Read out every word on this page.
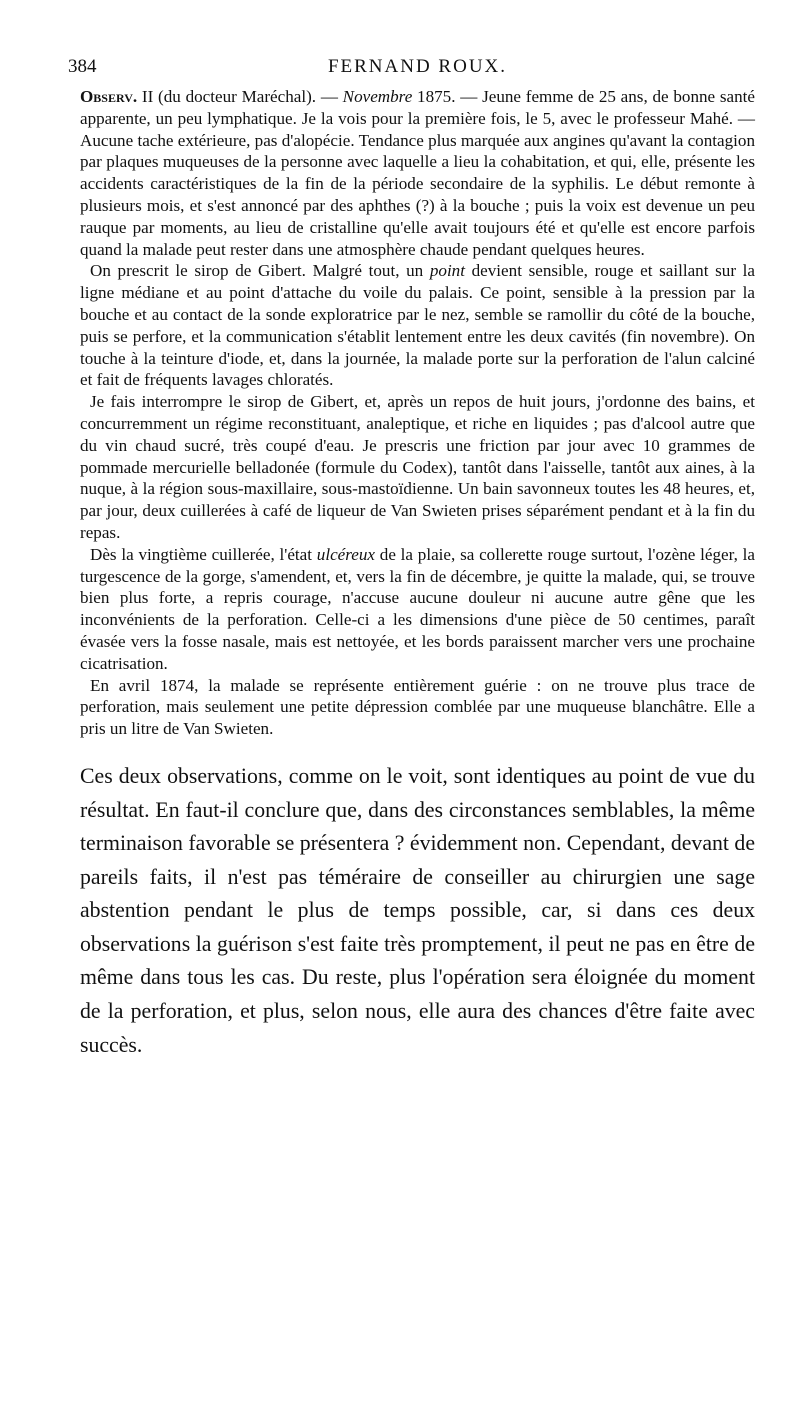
384	FERNAND ROUX.

Observ. II (du docteur Maréchal). — Novembre 1875. — Jeune femme de 25 ans, de bonne santé apparente, un peu lymphatique. Je la vois pour la première fois, le 5, avec le professeur Mahé. — Aucune tache extérieure, pas d'alopécie. Tendance plus marquée aux angines qu'avant la contagion par plaques muqueuses de la personne avec laquelle a lieu la cohabitation, et qui, elle, présente les accidents caractéristiques de la fin de la période secondaire de la syphilis. Le début remonte à plusieurs mois, et s'est annoncé par des aphthes (?) à la bouche ; puis la voix est devenue un peu rauque par moments, au lieu de cristalline qu'elle avait toujours été et qu'elle est encore parfois quand la malade peut rester dans une atmosphère chaude pendant quelques heures.

On prescrit le sirop de Gibert. Malgré tout, un point devient sensible, rouge et saillant sur la ligne médiane et au point d'attache du voile du palais. Ce point, sensible à la pression par la bouche et au contact de la sonde exploratrice par le nez, semble se ramollir du côté de la bouche, puis se perfore, et la communication s'établit lentement entre les deux cavités (fin novembre). On touche à la teinture d'iode, et, dans la journée, la malade porte sur la perforation de l'alun calciné et fait de fréquents lavages chloratés.

Je fais interrompre le sirop de Gibert, et, après un repos de huit jours, j'ordonne des bains, et concurremment un régime reconstituant, analeptique, et riche en liquides ; pas d'alcool autre que du vin chaud sucré, très coupé d'eau. Je prescris une friction par jour avec 10 grammes de pommade mercurielle belladonée (formule du Codex), tantôt dans l'aisselle, tantôt aux aines, à la nuque, à la région sous-maxillaire, sous-mastoïdienne. Un bain savonneux toutes les 48 heures, et, par jour, deux cuillerées à café de liqueur de Van Swieten prises séparément pendant et à la fin du repas.

Dès la vingtième cuillerée, l'état ulcéreux de la plaie, sa collerette rouge surtout, l'ozène léger, la turgescence de la gorge, s'amendent, et, vers la fin de décembre, je quitte la malade, qui, se trouve bien plus forte, a repris courage, n'accuse aucune douleur ni aucune autre gêne que les inconvénients de la perforation. Celle-ci a les dimensions d'une pièce de 50 centimes, paraît évasée vers la fosse nasale, mais est nettoyée, et les bords paraissent marcher vers une prochaine cicatrisation.

En avril 1874, la malade se représente entièrement guérie : on ne trouve plus trace de perforation, mais seulement une petite dépression comblée par une muqueuse blanchâtre. Elle a pris un litre de Van Swieten.

Ces deux observations, comme on le voit, sont identiques au point de vue du résultat. En faut-il conclure que, dans des circonstances semblables, la même terminaison favorable se présentera ? évidemment non. Cependant, devant de pareils faits, il n'est pas téméraire de conseiller au chirurgien une sage abstention pendant le plus de temps possible, car, si dans ces deux observations la guérison s'est faite très promptement, il peut ne pas en être de même dans tous les cas. Du reste, plus l'opération sera éloignée du moment de la perforation, et plus, selon nous, elle aura des chances d'être faite avec succès.
